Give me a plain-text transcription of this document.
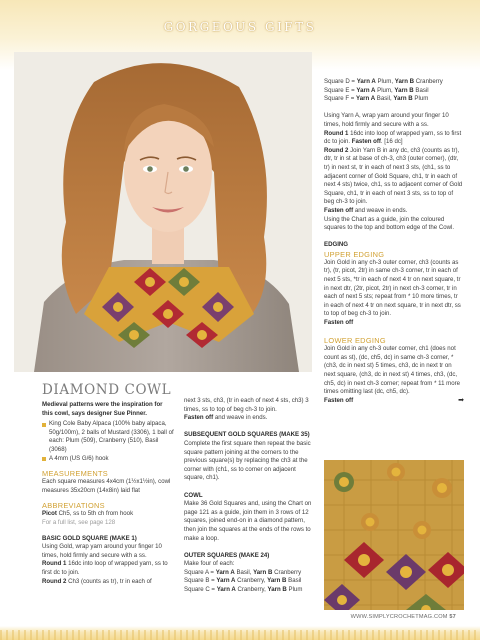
GORGEOUS GIFTS
DIAMOND COWL
Medieval patterns were the inspiration for this cowl, says designer Sue Pinner.
King Cole Baby Alpaca (100% baby alpaca, 50g/100m), 2 balls of Mustard (3306), 1 ball of each: Plum (509), Cranberry (510), Basil (3068)
A 4mm (US G/6) hook
MEASUREMENTS
Each square measures 4x4cm (1½x1½in), cowl measures 35x20cm (14x8in) laid flat
ABBREVIATIONS
Picot Ch5, ss to 5th ch from hook
For a full list, see page 128
BASIC GOLD SQUARE (MAKE 1)
Using Gold, wrap yarn around your finger 10 times, hold firmly and secure with a ss.
Round 1 16dc into loop of wrapped yarn, ss to first dc to join.
Round 2 Ch3 (counts as tr), tr in each of
next 3 sts, ch3, (tr in each of next 4 sts, ch3) 3 times, ss to top of beg ch-3 to join.

Fasten off and weave in ends.

SUBSEQUENT GOLD SQUARES (MAKE 35)

Complete the first square then repeat the basic square pattern joining at the corners to the previous square(s) by replacing the ch3 at the corner with (ch1, ss to corner on adjacent square, ch1).

COWL

Make 36 Gold Squares and, using the Chart on page 121 as a guide, join them in 3 rows of 12 squares, joined end-on in a diamond pattern, then join the squares at the ends of the rows to make a loop.

OUTER SQUARES (MAKE 24)
Make four of each:
Square A = Yarn A Basil, Yarn B Cranberry
Square B = Yarn A Cranberry, Yarn B Basil
Square C = Yarn A Cranberry, Yarn B Plum
Square D = Yarn A Plum, Yarn B Cranberry
Square E = Yarn A Plum, Yarn B Basil

Square F = Yarn A Basil, Yarn B Plum

Using Yarn A, wrap yarn around your finger 10 times, hold firmly and secure with a ss.
Round 1 16dc into loop of wrapped yarn, ss to first dc to join. Fasten off. [16 dc]
Round 2 Join Yarn B in any dc, ch3 (counts as tr), dtr, tr in st at base of ch-3, ch3 (outer corner), (dtr, tr) in next st, tr in each of next 3 sts, (ch1, ss to adjacent corner of Gold Square, ch1, tr in each of next 4 sts) twice, ch1, ss to adjacent corner of Gold Square, ch1, tr in each of next 3 sts, ss to top of beg ch-3 to join.
Fasten off and weave in ends.

Using the Chart as a guide, join the coloured squares to the top and bottom edge of the Cowl.

EDGING
UPPER EDGING
Join Gold in any ch-3 outer corner, ch3 (counts as tr), (tr, picot, 2tr) in same ch-3 corner, tr in each of next 5 sts, *tr in each of next 4 tr on next square, tr in next dtr, (2tr, picot, 2tr) in next ch-3 corner, tr in each of next 5 sts; repeat from * 10 more times, tr in each of next 4 tr on next square, tr in next dtr, ss to top of beg ch-3 to join.

Fasten off

LOWER EDGING
Join Gold in any ch-3 outer corner, ch1 (does not count as st), (dc, ch5, dc) in same ch-3 corner, *(ch3, dc in next st) 5 times, ch3, dc in next tr on next square, (ch3, dc in next st) 4 times, ch3, (dc, ch5, dc) in next ch-3 corner; repeat from * 11 more times omitting last (dc, ch5, dc).
Fasten off	➡
WWW.SIMPLYCROCHETMAG.COM 57
